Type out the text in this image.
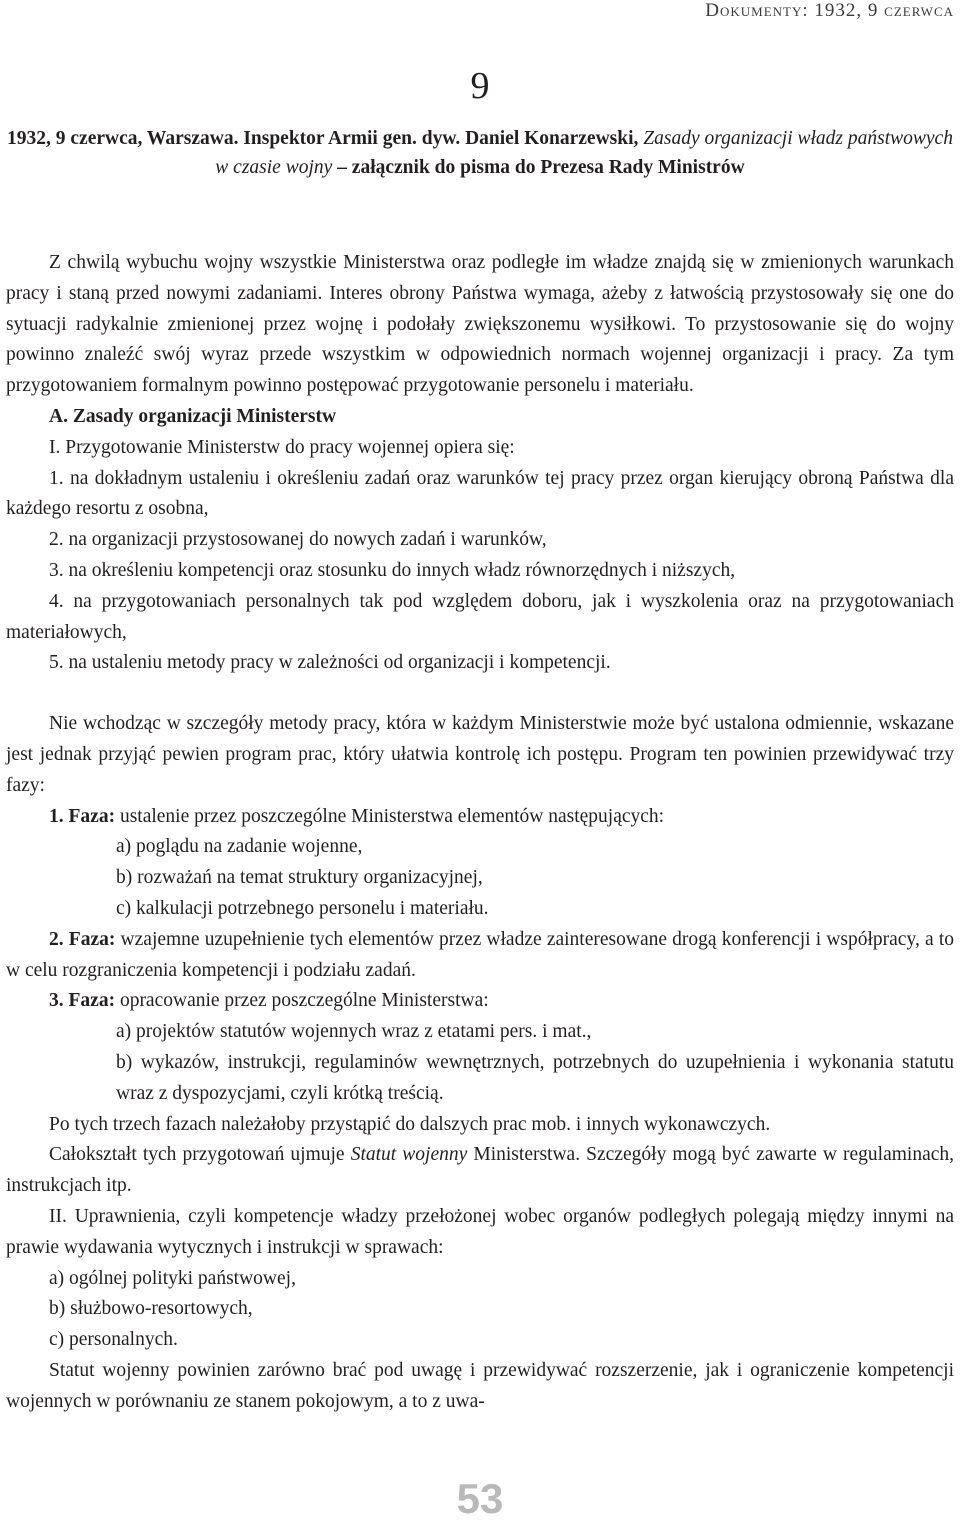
Dokumenty: 1932, 9 czerwca
9
1932, 9 czerwca, Warszawa. Inspektor Armii gen. dyw. Daniel Konarzewski, Zasady organizacji władz państwowych w czasie wojny – załącznik do pisma do Prezesa Rady Ministrów

Z chwilą wybuchu wojny wszystkie Ministerstwa oraz podległe im władze znajdą się w zmienionych warunkach pracy i staną przed nowymi zadaniami. Interes obrony Państwa wymaga, ażeby z łatwością przystosowały się one do sytuacji radykalnie zmienionej przez wojnę i podołały zwiększonemu wysiłkowi. To przystosowanie się do wojny powinno znaleźć swój wyraz przede wszystkim w odpowiednich normach wojennej organizacji i pracy. Za tym przygotowaniem formalnym powinno postępować przygotowanie personelu i materiału.

A. Zasady organizacji Ministerstw

I. Przygotowanie Ministerstw do pracy wojennej opiera się:

1. na dokładnym ustaleniu i określeniu zadań oraz warunków tej pracy przez organ kierujący obroną Państwa dla każdego resortu z osobna,

2. na organizacji przystosowanej do nowych zadań i warunków,

3. na określeniu kompetencji oraz stosunku do innych władz równorzędnych i niższych,

4. na przygotowaniach personalnych tak pod względem doboru, jak i wyszkolenia oraz na przygotowaniach materiałowych,

5. na ustaleniu metody pracy w zależności od organizacji i kompetencji.

Nie wchodząc w szczegóły metody pracy, która w każdym Ministerstwie może być ustalona odmiennie, wskazane jest jednak przyjąć pewien program prac, który ułatwia kontrolę ich postępu. Program ten powinien przewidywać trzy fazy:

1. Faza: ustalenie przez poszczególne Ministerstwa elementów następujących:

a) poglądu na zadanie wojenne,

b) rozważań na temat struktury organizacyjnej,

c) kalkulacji potrzebnego personelu i materiału.

2. Faza: wzajemne uzupełnienie tych elementów przez władze zainteresowane drogą konferencji i współpracy, a to w celu rozgraniczenia kompetencji i podziału zadań.

3. Faza: opracowanie przez poszczególne Ministerstwa:

a) projektów statutów wojennych wraz z etatami pers. i mat.,

b) wykazów, instrukcji, regulaminów wewnętrznych, potrzebnych do uzupełnienia i wykonania statutu wraz z dyspozycjami, czyli krótką treścią.

Po tych trzech fazach należałoby przystąpić do dalszych prac mob. i innych wykonawczych.

Całokształt tych przygotowań ujmuje Statut wojenny Ministerstwa. Szczegóły mogą być zawarte w regulaminach, instrukcjach itp.

II. Uprawnienia, czyli kompetencje władzy przełożonej wobec organów podległych polegają między innymi na prawie wydawania wytycznych i instrukcji w sprawach:

a) ogólnej polityki państwowej,

b) służbowo-resortowych,

c) personalnych.

Statut wojenny powinien zarówno brać pod uwagę i przewidywać rozszerzenie, jak i ograniczenie kompetencji wojennych w porównaniu ze stanem pokojowym, a to z uwa-

53
